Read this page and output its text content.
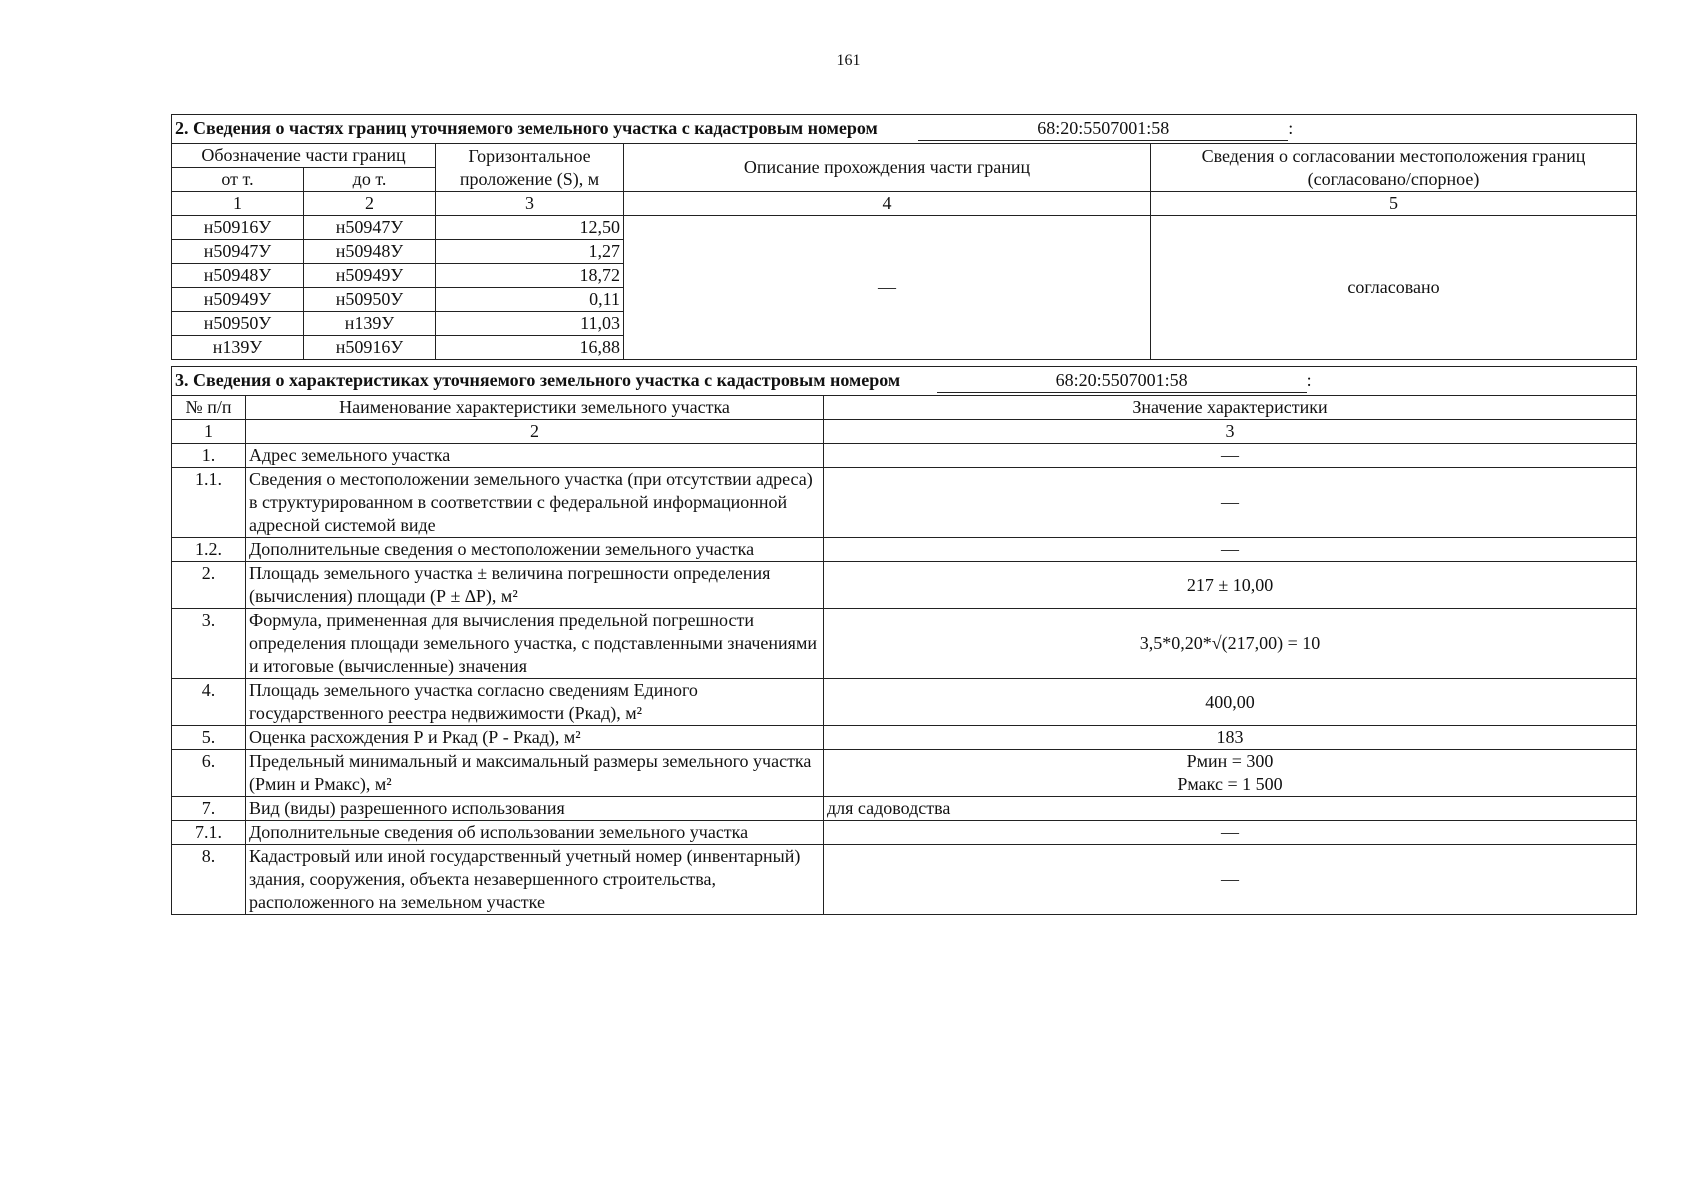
161
2. Сведения о частях границ уточняемого земельного участка с кадастровым номером 68:20:5507001:58 :				
Обозначение части границ		Горизонтальное проложение (S), м	Описание прохождения части границ	Сведения о согласовании местоположения границ (согласовано/спорное)
от т.	до т.			
1	2	3	4	5
н50916У	н50947У	12,50	—	согласовано
н50947У	н50948У	1,27		
н50948У	н50949У	18,72		
н50949У	н50950У	0,11		
н50950У	н139У	11,03		
н139У	н50916У	16,88		
3. Сведения о характеристиках уточняемого земельного участка с кадастровым номером 68:20:5507001:58 :		
№ п/п	Наименование характеристики земельного участка	Значение характеристики
1	2	3
1.	Адрес земельного участка	—
1.1.	Сведения о местоположении земельного участка (при отсутствии адреса) в структурированном в соответствии с федеральной информационной адресной системой виде	—
1.2.	Дополнительные сведения о местоположении земельного участка	—
2.	Площадь земельного участка ± величина погрешности определения (вычисления) площади (Р ± ∆Р), м²	217 ± 10,00
3.	Формула, примененная для вычисления предельной погрешности определения площади земельного участка, с подставленными значениями и итоговые (вычисленные) значения	3,5*0,20*√(217,00) = 10
4.	Площадь земельного участка согласно сведениям Единого государственного реестра недвижимости (Ркад), м²	400,00
5.	Оценка расхождения Р и Ркад (Р - Ркад), м²	183
6.	Предельный минимальный и максимальный размеры земельного участка (Рмин и Рмакс), м²	Рмин = 300
Рмакс = 1 500

7.	Вид (виды) разрешенного использования	для садоводства
7.1.	Дополнительные сведения об использовании земельного участка	—
8.	Кадастровый или иной государственный учетный номер (инвентарный) здания, сооружения, объекта незавершенного строительства, расположенного на земельном участке	—
